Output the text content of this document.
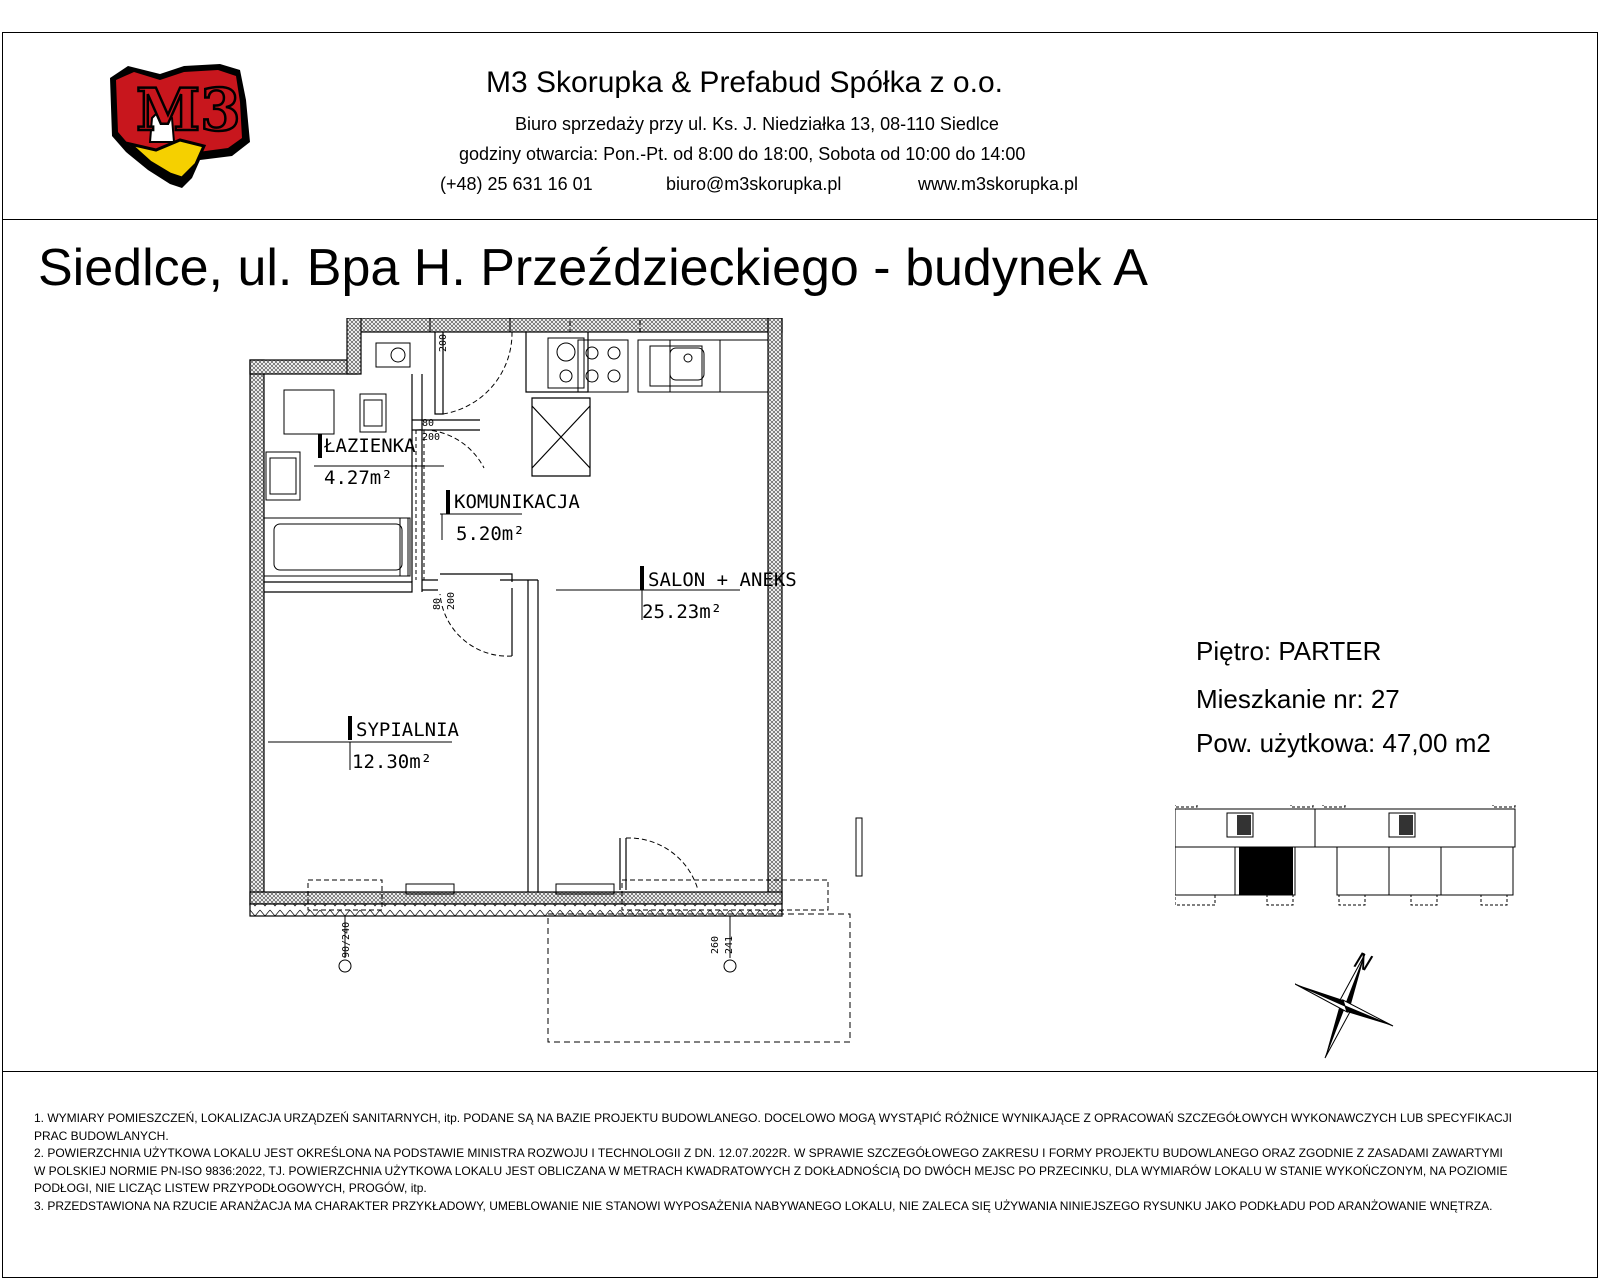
M3	M3 Skorupka & Prefabud Spółka z o.o.
Biuro sprzedaży przy ul. Ks. J. Niedziałka 13, 08-110 Siedlce
godziny otwarcia: Pon.-Pt. od 8:00 do 18:00, Sobota od 10:00 do 14:00
(+48) 25 631 16 01	biuro@m3skorupka.pl	www.m3skorupka.pl
Siedlce, ul. Bpa H. Przeździeckiego - budynek A
Piętro: PARTER
Mieszkanie nr: 27
Pow. użytkowa: 47,00 m2
200
80
200
80 200
90/240	260 241
ŁAZIENKA
4.27m²
KOMUNIKACJA
5.20m²
SALON + ANEKS
25.23m²
SYPIALNIA
12.30m²
N

1. WYMIARY POMIESZCZEŃ, LOKALIZACJA URZĄDZEŃ SANITARNYCH, itp. PODANE SĄ NA BAZIE PROJEKTU BUDOWLANEGO. DOCELOWO MOGĄ WYSTĄPIĆ RÓŻNICE WYNIKAJĄCE Z OPRACOWAŃ SZCZEGÓŁOWYCH WYKONAWCZYCH LUB SPECYFIKACJI PRAC BUDOWLANYCH.

2. POWIERZCHNIA UŻYTKOWA LOKALU JEST OKREŚLONA NA PODSTAWIE MINISTRA ROZWOJU I TECHNOLOGII Z DN. 12.07.2022R. W SPRAWIE SZCZEGÓŁOWEGO ZAKRESU I FORMY PROJEKTU BUDOWLANEGO ORAZ ZGODNIE Z ZASADAMI ZAWARTYMI W POLSKIEJ NORMIE PN-ISO 9836:2022, TJ. POWIERZCHNIA UŻYTKOWA LOKALU JEST OBLICZANA W METRACH KWADRATOWYCH Z DOKŁADNOŚCIĄ DO DWÓCH MEJSC PO PRZECINKU, DLA WYMIARÓW LOKALU W STANIE WYKOŃCZONYM, NA POZIOMIE PODŁOGI, NIE LICZĄC LISTEW PRZYPODŁOGOWYCH, PROGÓW, itp.

3. PRZEDSTAWIONA NA RZUCIE ARANŻACJA MA CHARAKTER PRZYKŁADOWY, UMEBLOWANIE NIE STANOWI WYPOSAŻENIA NABYWANEGO LOKALU, NIE ZALECA SIĘ UŻYWANIA NINIEJSZEGO RYSUNKU JAKO PODKŁADU POD ARANŻOWANIE WNĘTRZA.
